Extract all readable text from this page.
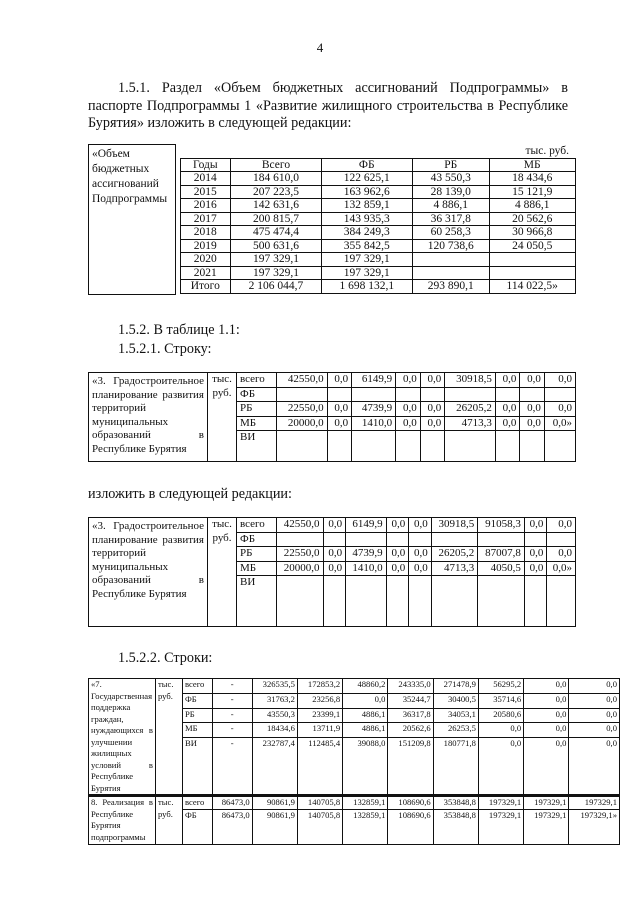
4
1.5.1. Раздел «Объем бюджетных ассигнований Подпрограммы» в паспорте Подпрограммы 1 «Развитие жилищного строительства в Республике Бурятия» изложить в следующей редакции:
«Объем бюджетных ассигнований Подпрограммы	тыс. руб.

Годы	Всего	ФБ	РБ	МБ
2014	184 610,0	122 625,1	43 550,3	18 434,6
2015	207 223,5	163 962,6	28 139,0	15 121,9
2016	142 631,6	132 859,1	4 886,1	4 886,1
2017	200 815,7	143 935,3	36 317,8	20 562,6
2018	475 474,4	384 249,3	60 258,3	30 966,8
2019	500 631,6	355 842,5	120 738,6	24 050,5
2020	197 329,1	197 329,1		
2021	197 329,1	197 329,1		
Итого	2 106 044,7	1 698 132,1	293 890,1	114 022,5»
1.5.2. В таблице 1.1:
1.5.2.1. Строку:
«3. Градостроительное планирование развития территорий муниципальных образований в Республике Бурятия	тыс. руб.	всего	42550,0	0,0	6149,9	0,0	0,0	30918,5	0,0	0,0	0,0
		ФБ									
		РБ	22550,0	0,0	4739,9	0,0	0,0	26205,2	0,0	0,0	0,0
		МБ	20000,0	0,0	1410,0	0,0	0,0	4713,3	0,0	0,0	0,0»
		ВИ									
изложить в следующей редакции:
«3. Градостроительное планирование развития территорий муниципальных образований в Республике Бурятия	тыс. руб.	всего	42550,0	0,0	6149,9	0,0	0,0	30918,5	91058,3	0,0	0,0
		ФБ									
		РБ	22550,0	0,0	4739,9	0,0	0,0	26205,2	87007,8	0,0	0,0
		МБ	20000,0	0,0	1410,0	0,0	0,0	4713,3	4050,5	0,0	0,0»
		ВИ									
1.5.2.2. Строки:
«7. Государственная поддержка граждан, нуждающихся в улучшении жилищных условий в Республике Бурятия	тыс. руб.	всего	-	326535,5	172853,2	48860,2	243335,0	271478,9	56295,2	0,0	0,0
		ФБ	-	31763,2	23256,8	0,0	35244,7	30400,5	35714,6	0,0	0,0
		РБ	-	43550,3	23399,1	4886,1	36317,8	34053,1	20580,6	0,0	0,0
		МБ	-	18434,6	13711,9	4886,1	20562,6	26253,5	0,0	0,0	0,0
		ВИ	-	232787,4	112485,4	39088,0	151209,8	180771,8	0,0	0,0	0,0
8. Реализация в Республике Бурятия подпрограммы	тыс. руб.	всего	86473,0	90861,9	140705,8	132859,1	108690,6	353848,8	197329,1	197329,1	197329,1
		ФБ	86473,0	90861,9	140705,8	132859,1	108690,6	353848,8	197329,1	197329,1	197329,1»
